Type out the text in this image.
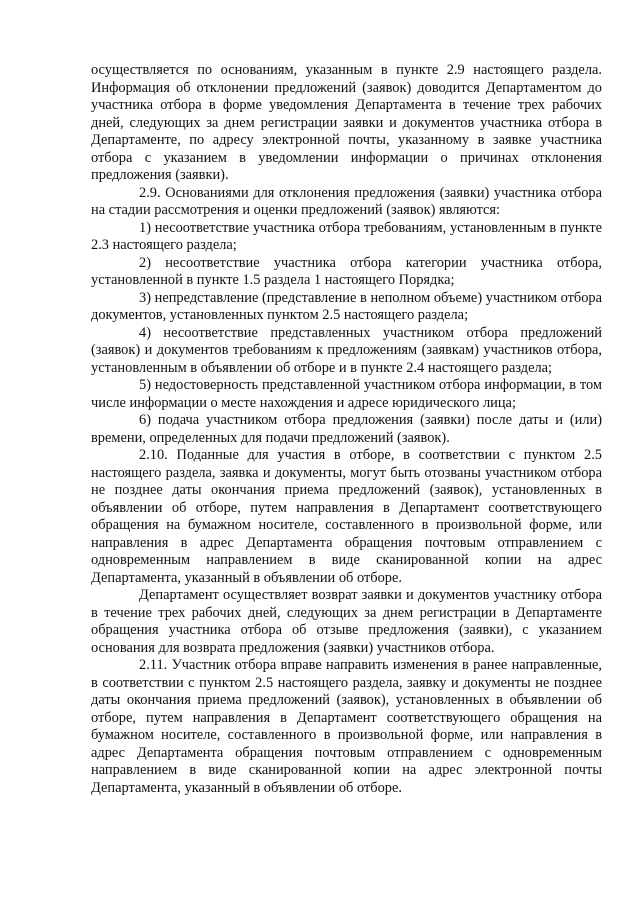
осуществляется по основаниям, указанным в пункте 2.9 настоящего раздела. Информация об отклонении предложений (заявок) доводится Департаментом до участника отбора в форме уведомления Департамента в течение трех рабочих дней, следующих за днем регистрации заявки и документов участника отбора в Департаменте, по адресу электронной почты, указанному в заявке участника отбора с указанием в уведомлении информации о причинах отклонения предложения (заявки).

2.9. Основаниями для отклонения предложения (заявки) участника отбора на стадии рассмотрения и оценки предложений (заявок) являются:

1) несоответствие участника отбора требованиям, установленным в пункте 2.3 настоящего раздела;

2) несоответствие участника отбора категории участника отбора, установленной в пункте 1.5 раздела 1 настоящего Порядка;

3) непредставление (представление в неполном объеме) участником отбора документов, установленных пунктом 2.5 настоящего раздела;

4) несоответствие представленных участником отбора предложений (заявок) и документов требованиям к предложениям (заявкам) участников отбора, установленным в объявлении об отборе и в пункте 2.4 настоящего раздела;

5) недостоверность представленной участником отбора информации, в том числе информации о месте нахождения и адресе юридического лица;

6) подача участником отбора предложения (заявки) после даты и (или) времени, определенных для подачи предложений (заявок).

2.10. Поданные для участия в отборе, в соответствии с пунктом 2.5 настоящего раздела, заявка и документы, могут быть отозваны участником отбора не позднее даты окончания приема предложений (заявок), установленных в объявлении об отборе, путем направления в Департамент соответствующего обращения на бумажном носителе, составленного в произвольной форме, или направления в адрес Департамента обращения почтовым отправлением с одновременным направлением в виде сканированной копии на адрес Департамента, указанный в объявлении об отборе.

Департамент осуществляет возврат заявки и документов участнику отбора в течение трех рабочих дней, следующих за днем регистрации в Департаменте обращения участника отбора об отзыве предложения (заявки), с указанием основания для возврата предложения (заявки) участников отбора.

2.11. Участник отбора вправе направить изменения в ранее направленные, в соответствии с пунктом 2.5 настоящего раздела, заявку и документы не позднее даты окончания приема предложений (заявок), установленных в объявлении об отборе, путем направления в Департамент соответствующего обращения на бумажном носителе, составленного в произвольной форме, или направления в адрес Департамента обращения почтовым отправлением с одновременным направлением в виде сканированной копии на адрес электронной почты Департамента, указанный в объявлении об отборе.
